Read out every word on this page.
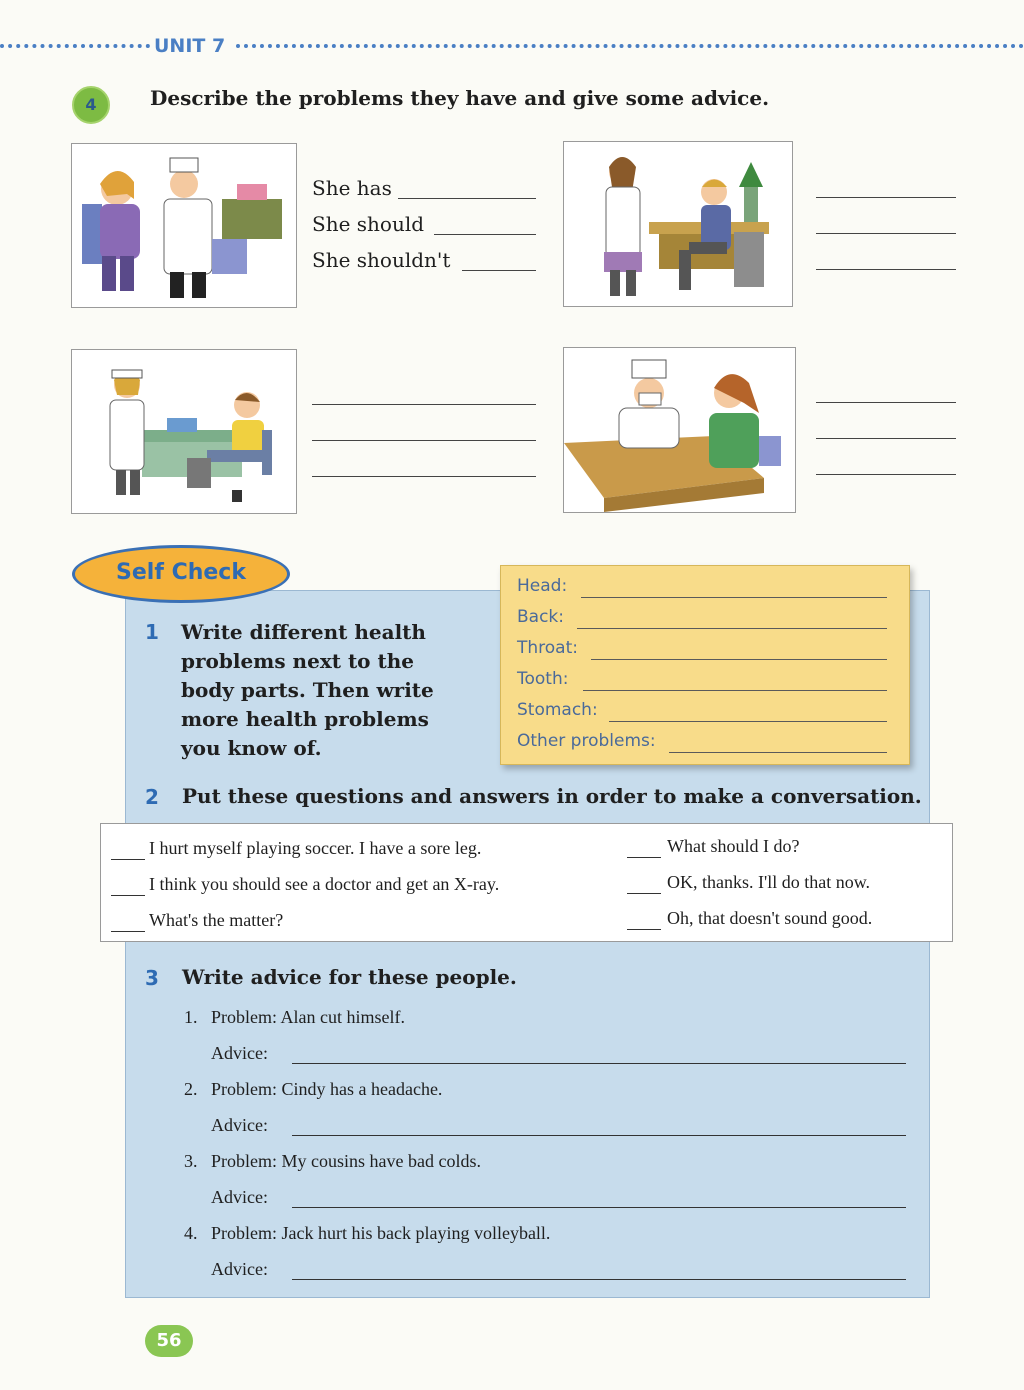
UNIT 7
4	Describe the problems they have and give some advice.
She has
She should
She shouldn't
Self Check
1 Write different health
problems next to the
body parts. Then write
more health problems
you know of.
Head:
Back:
Throat:
Tooth:
Stomach:
Other problems:
2 Put these questions and answers in order to make a conversation.
I hurt myself playing soccer. I have a sore leg.
I think you should see a doctor and get an X-ray.
What's the matter?
What should I do?
OK, thanks. I'll do that now.
Oh, that doesn't sound good.
3 Write advice for these people.
1. Problem: Alan cut himself.
Advice:
2. Problem: Cindy has a headache.
Advice:
3. Problem: My cousins have bad colds.
Advice:
4. Problem: Jack hurt his back playing volleyball.
Advice:
56
